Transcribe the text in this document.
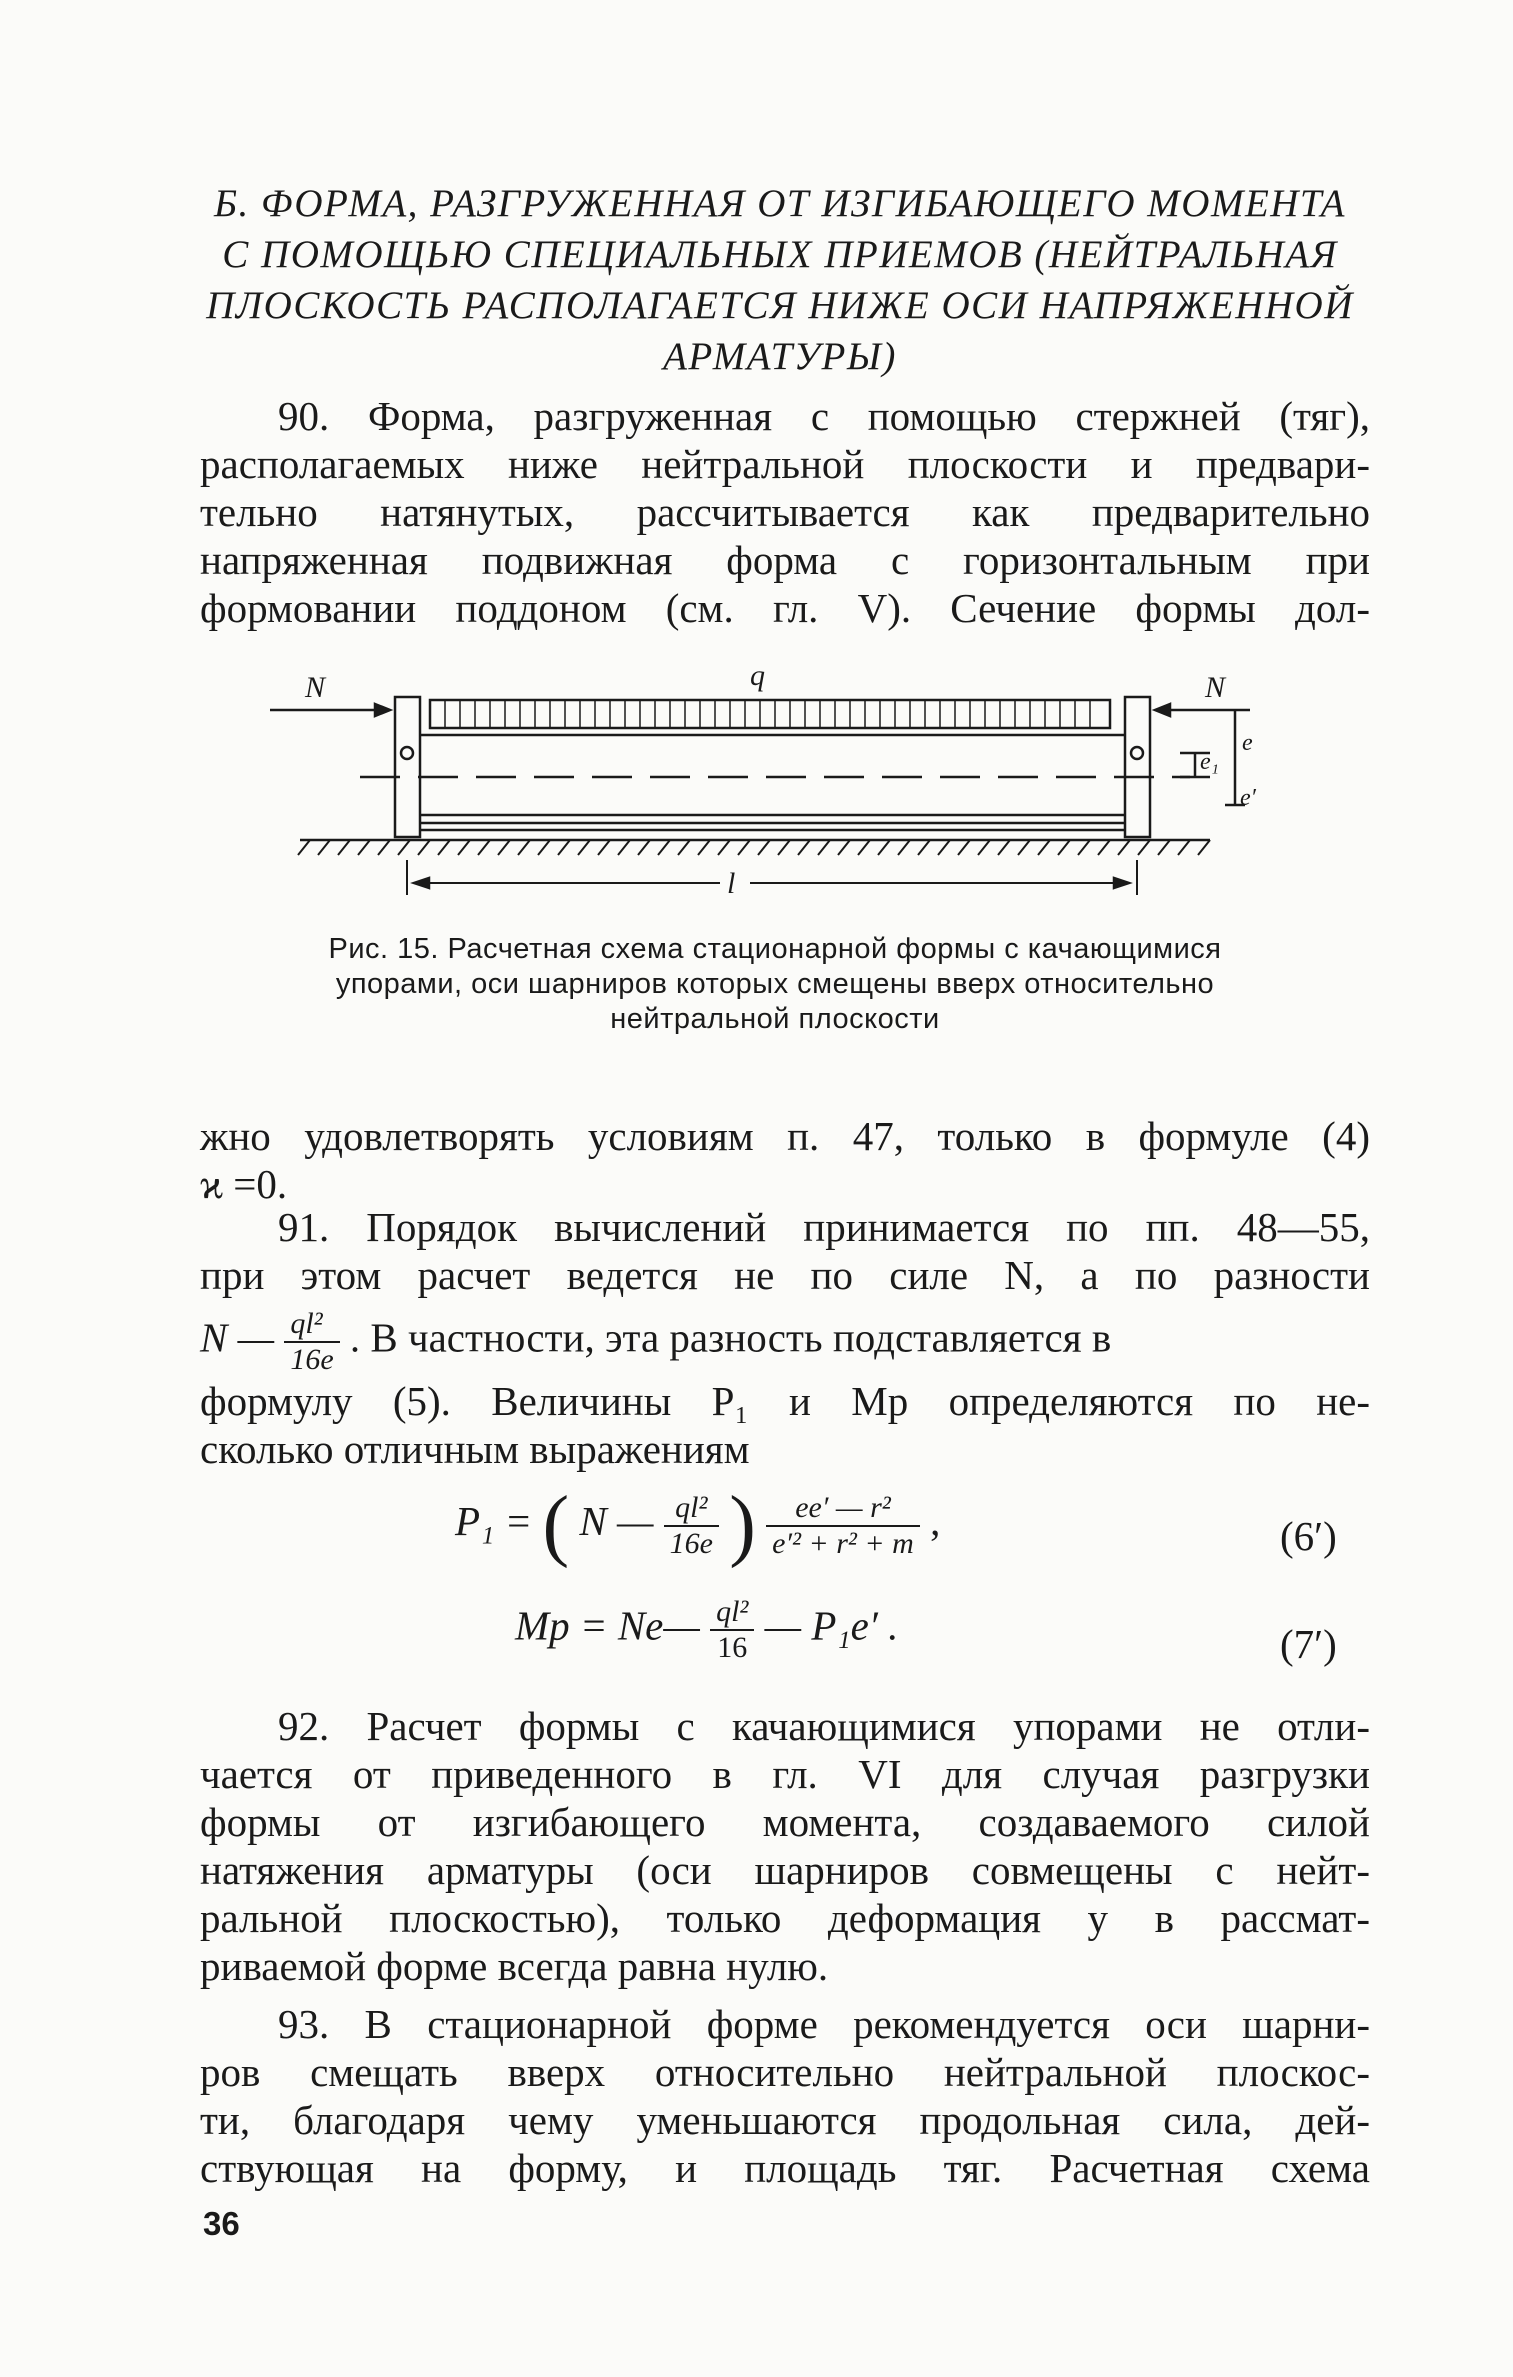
Б. ФОРМА, РАЗГРУЖЕННАЯ ОТ ИЗГИБАЮЩЕГО МОМЕНТА
С ПОМОЩЬЮ СПЕЦИАЛЬНЫХ ПРИЕМОВ (НЕЙТРАЛЬНАЯ
ПЛОСКОСТЬ РАСПОЛАГАЕТСЯ НИЖЕ ОСИ НАПРЯЖЕННОЙ
АРМАТУРЫ)
90. Форма, разгруженная с помощью стержней (тяг),
располагаемых ниже нейтральной плоскости и предвари-
тельно натянутых, рассчитывается как предварительно
напряженная подвижная форма с горизонтальным при
формовании поддоном (см. гл. V). Сечение формы дол-
N	N
q
l
e₁
e
e′
Рис. 15. Расчетная схема стационарной формы с качающимися
упорами, оси шарниров которых смещены вверх относительно
нейтральной плоскости
жно удовлетворять условиям п. 47, только в формуле (4)
ϰ =0.
91. Порядок вычислений принимается по пп. 48—55,
при этом расчет ведется не по силе N, а по разности
N — $\frac{\text{ql²}}{16e}$ . В частности, эта разность подставляется в
формулу (5). Величины P₁ и Mр определяются по не-
сколько отличным выражениям
P₁ = ( N — $\frac{\text{ql²}}{16e}$ ) $\frac{\text{ee′ — r²}}{\text{e′² + r² + m}}$ ,	(6′)
Mр = Ne— $\frac{\text{ql²}}{16}$ — P₁e′ .	(7′)
92. Расчет формы с качающимися упорами не отли-
чается от приведенного в гл. VI для случая разгрузки
формы от изгибающего момента, создаваемого силой
натяжения арматуры (оси шарниров совмещены с нейт-
ральной плоскостью), только деформация y в рассмат-
риваемой форме всегда равна нулю.
93. В стационарной форме рекомендуется оси шарни-
ров смещать вверх относительно нейтральной плоскос-
ти, благодаря чему уменьшаются продольная сила, дей-
ствующая на форму, и площадь тяг. Расчетная схема
36
